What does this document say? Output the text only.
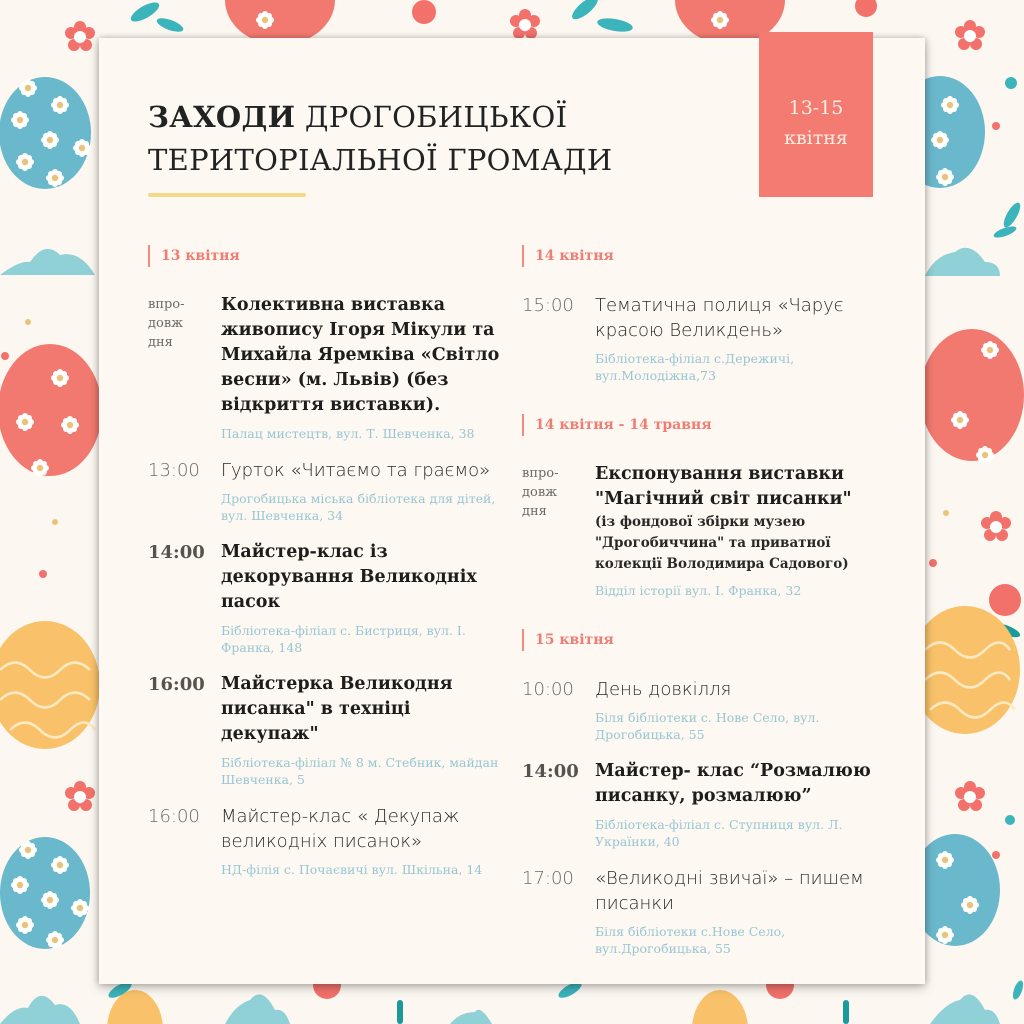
ЗАХОДИ ДРОГОБИЦЬКОЇ
ТЕРИТОРІАЛЬНОЇ ГРОМАДИ
13-15
квітня
13 квітня
впро-
довж
дня
Колективна виставка живопису Ігоря Мікули та Михайла Яремківа «Світло весни» (м. Львів) (без відкриття виставки).
Палац мистецтв, вул. Т. Шевченка, 38
13:00	Гурток «Читаємо та граємо»
Дрогобицька міська бібліотека для дітей, вул. Шевченка, 34
14:00 Майстер-клас із декорування Великодніх пасок
Бібліотека-філіал с. Бистриця, вул. І. Франка, 148
16:00 Майстерка Великодня писанка" в техніці декупаж"
Бібліотека-філіал № 8 м. Стебник, майдан Шевченка, 5
16:00	Майстер-клас « Декупаж великодніх писанок»
НД-філія с. Почаєвичі вул. Шкільна, 14
14 квітня
15:00	Тематична полиця «Чарує красою Великдень»
Бібліотека-філіал с.Дережичі, вул.Молодіжна,73
14 квітня - 14 травня
впро-
довж
дня
Експонування виставки "Магічний світ писанки"
(із фондової збірки музею "Дрогобиччина" та приватної колекції Володимира Садового)
Відділ історії вул. І. Франка, 32
15 квітня
10:00	День довкілля
Біля бібліотеки с. Нове Село, вул. Дрогобицька, 55
14:00 Майстер- клас “Розмалюю писанку, розмалюю”
Бібліотека-філіал с. Ступниця вул. Л. Українки, 40
17:00	«Великодні звичаї» – пишем писанки
Біля бібліотеки с.Нове Село, вул.Дрогобицька, 55
